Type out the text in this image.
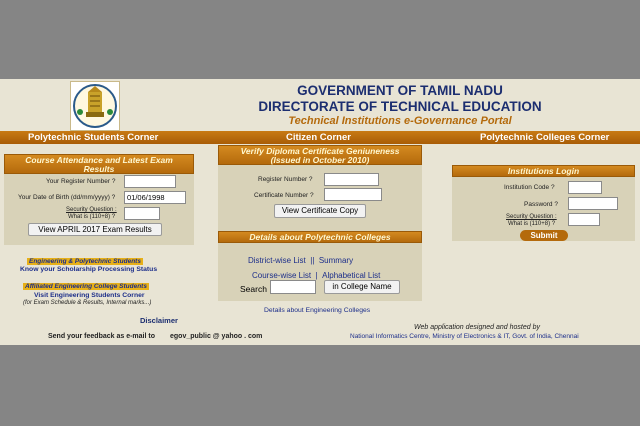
GOVERNMENT OF TAMIL NADU
DIRECTORATE OF TECHNICAL EDUCATION
Technical Institutions e-Governance Portal
Polytechnic Students Corner	Citizen Corner	Polytechnic Colleges Corner
Course Attendance and Latest Exam
Results
Your Register Number ?
Your Date of Birth (dd/mm/yyyy) ?
01/06/1998
Security Question :
What is (110+8) ?
View APRIL 2017 Exam Results
Engineering & Polytechnic Students
Know your Scholarship Processing Status
Affiliated Engineering College Students
Visit Engineering Students Corner
(for Exam Schedule & Results, Internal marks...)
Verify Diploma Certificate Geniuneness
(Issued in October 2010)
Register Number ?
Certificate Number ?
View Certificate Copy
Details about Polytechnic Colleges
District-wise List || Summary
Course-wise List | Alphabetical List
Search	in College Name
Details about Engineering Colleges
Institutions Login
Institution Code ?
Password ?
Security Question :
What is (110+8) ?
Submit
Disclaimer
Send your feedback as e-mail to egov_public @ yahoo . com
Web application designed and hosted by
National Informatics Centre, Ministry of Electronics & IT, Govt. of India, Chennai
